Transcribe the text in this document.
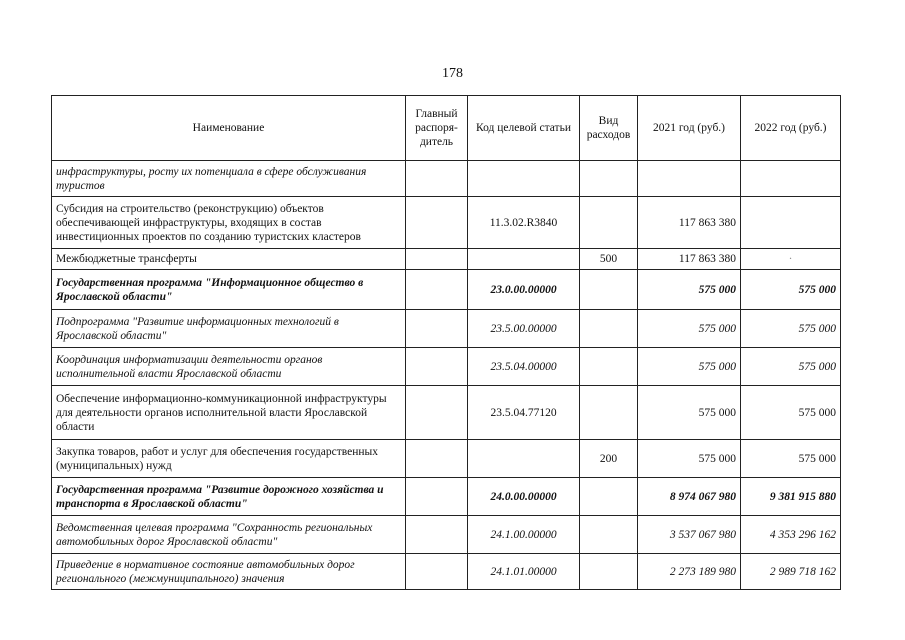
178
Наименование	Главный распоря-дитель	Код целевой статьи	Вид расходов	2021 год (руб.)	2022 год (руб.)
инфраструктуры, росту их потенциала в сфере обслуживания туристов					
Субсидия на строительство (реконструкцию) объектов обеспечивающей инфраструктуры, входящих в состав инвестиционных проектов по созданию туристских кластеров		11.3.02.R3840		117 863 380	
Межбюджетные трансферты			500	117 863 380	·
Государственная программа "Информационное общество в Ярославской области"		23.0.00.00000		575 000	575 000
Подпрограмма "Развитие информационных технологий в Ярославской области"		23.5.00.00000		575 000	575 000
Координация информатизации деятельности органов исполнительной власти Ярославской области		23.5.04.00000		575 000	575 000
Обеспечение информационно-коммуникационной инфраструктуры для деятельности органов исполнительной власти Ярославской области		23.5.04.77120		575 000	575 000
Закупка товаров, работ и услуг для обеспечения государственных (муниципальных) нужд			200	575 000	575 000
Государственная программа "Развитие дорожного хозяйства и транспорта в Ярославской области"		24.0.00.00000		8 974 067 980	9 381 915 880
Ведомственная целевая программа "Сохранность региональных автомобильных дорог Ярославской области"		24.1.00.00000		3 537 067 980	4 353 296 162
Приведение в нормативное состояние автомобильных дорог регионального (межмуниципального) значения		24.1.01.00000		2 273 189 980	2 989 718 162
